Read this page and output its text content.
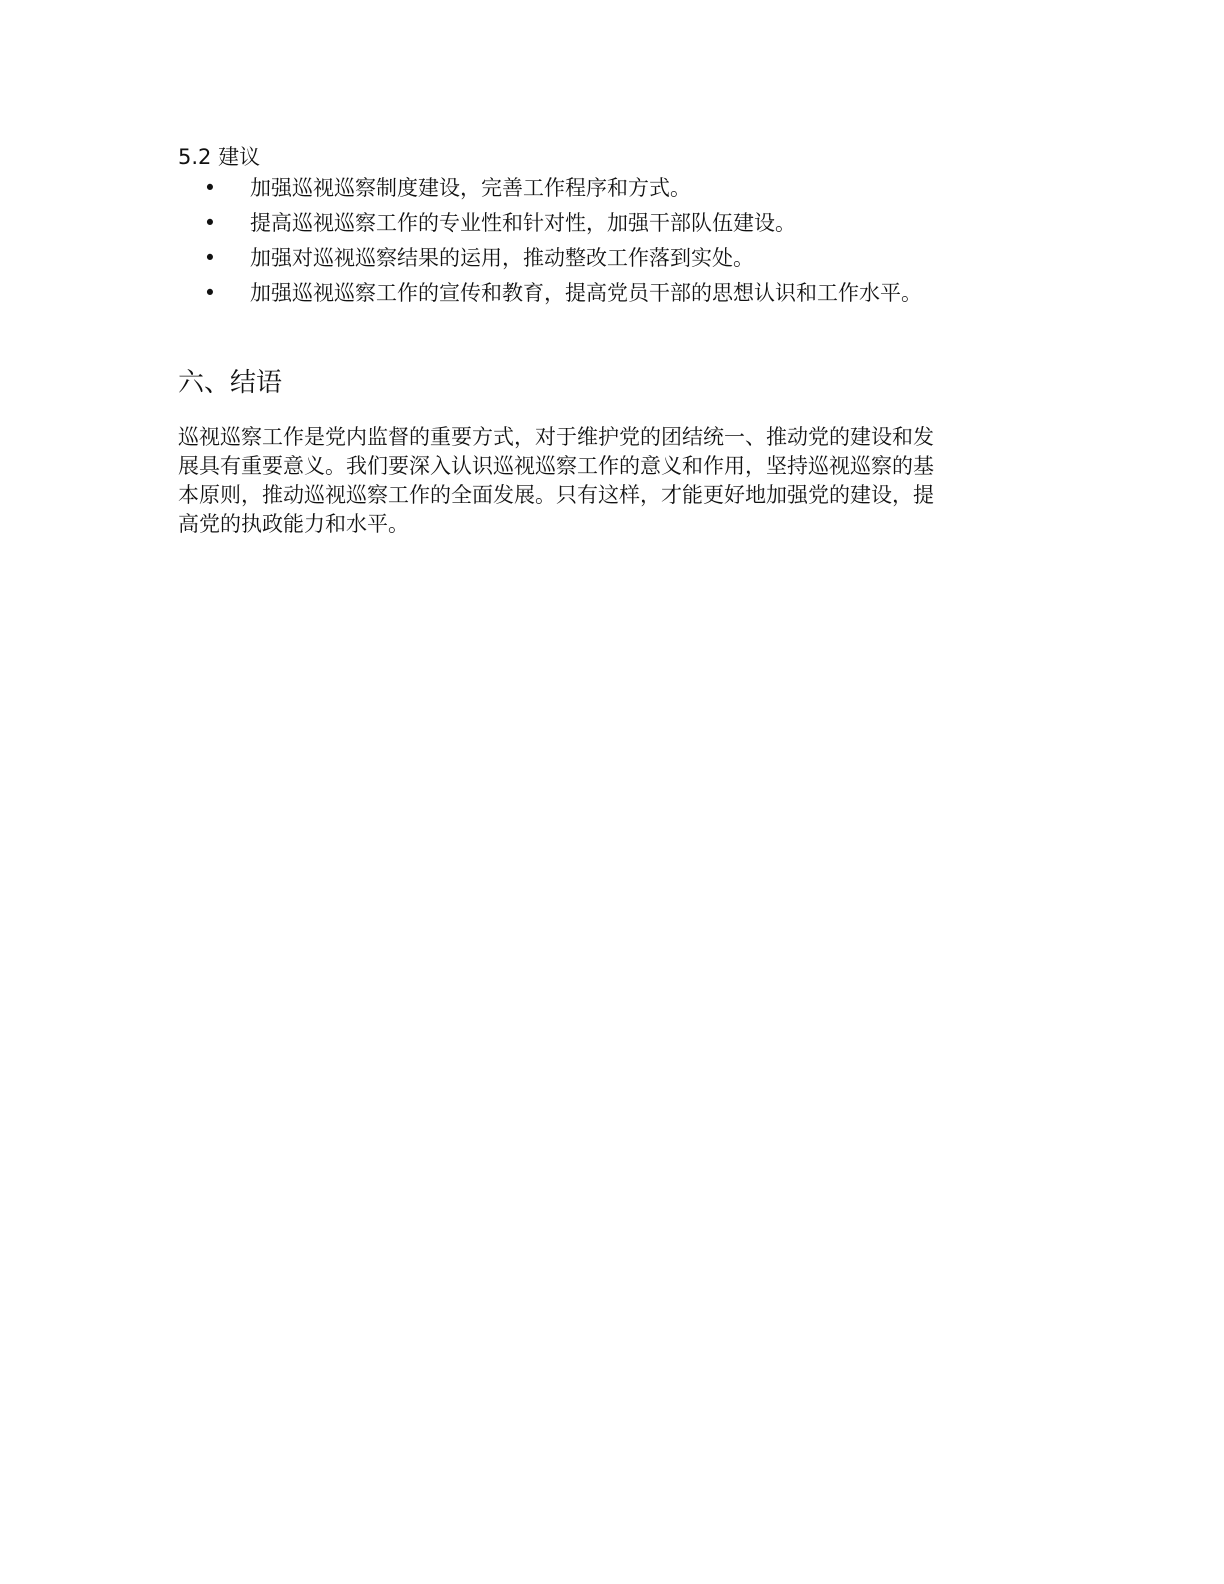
5.2 建议
• 加强巡视巡察制度建设，完善工作程序和方式。
• 提高巡视巡察工作的专业性和针对性，加强干部队伍建设。
• 加强对巡视巡察结果的运用，推动整改工作落到实处。
• 加强巡视巡察工作的宣传和教育，提高党员干部的思想认识和工作水平。
六、结语

巡视巡察工作是党内监督的重要方式，对于维护党的团结统一、推动党的建设和发
展具有重要意义。我们要深入认识巡视巡察工作的意义和作用，坚持巡视巡察的基
本原则，推动巡视巡察工作的全面发展。只有这样，才能更好地加强党的建设，提
高党的执政能力和水平。
